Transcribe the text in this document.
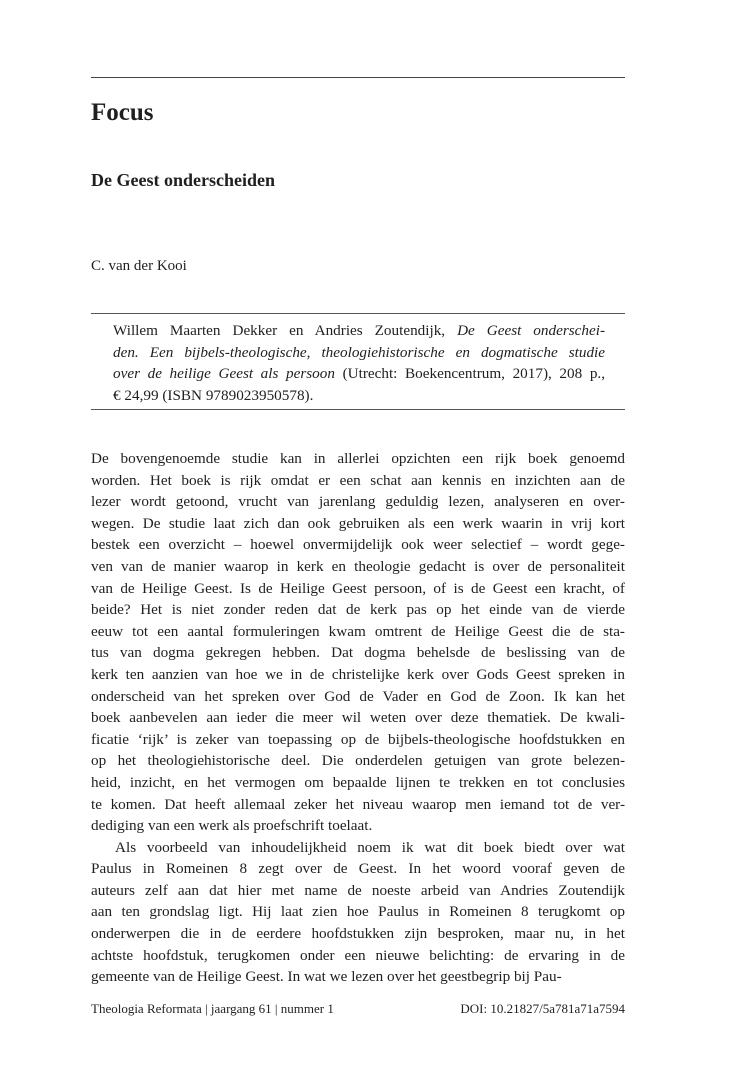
Focus
De Geest onderscheiden
C. van der Kooi

Willem Maarten Dekker en Andries Zoutendijk, De Geest onderschei-
den. Een bijbels-theologische, theologiehistorische en dogmatische studie
over de heilige Geest als persoon (Utrecht: Boekencentrum, 2017), 208 p.,
€ 24,99 (ISBN 9789023950578).

De bovengenoemde studie kan in allerlei opzichten een rijk boek genoemd
worden. Het boek is rijk omdat er een schat aan kennis en inzichten aan de
lezer wordt getoond, vrucht van jarenlang geduldig lezen, analyseren en over-
wegen. De studie laat zich dan ook gebruiken als een werk waarin in vrij kort
bestek een overzicht – hoewel onvermijdelijk ook weer selectief – wordt gege-
ven van de manier waarop in kerk en theologie gedacht is over de personaliteit
van de Heilige Geest. Is de Heilige Geest persoon, of is de Geest een kracht, of
beide? Het is niet zonder reden dat de kerk pas op het einde van de vierde
eeuw tot een aantal formuleringen kwam omtrent de Heilige Geest die de sta-
tus van dogma gekregen hebben. Dat dogma behelsde de beslissing van de
kerk ten aanzien van hoe we in de christelijke kerk over Gods Geest spreken in
onderscheid van het spreken over God de Vader en God de Zoon. Ik kan het
boek aanbevelen aan ieder die meer wil weten over deze thematiek. De kwali-
ficatie ‘rijk’ is zeker van toepassing op de bijbels-theologische hoofdstukken en
op het theologiehistorische deel. Die onderdelen getuigen van grote belezen-
heid, inzicht, en het vermogen om bepaalde lijnen te trekken en tot conclusies
te komen. Dat heeft allemaal zeker het niveau waarop men iemand tot de ver-
dediging van een werk als proefschrift toelaat.
Als voorbeeld van inhoudelijkheid noem ik wat dit boek biedt over wat
Paulus in Romeinen 8 zegt over de Geest. In het woord vooraf geven de
auteurs zelf aan dat hier met name de noeste arbeid van Andries Zoutendijk
aan ten grondslag ligt. Hij laat zien hoe Paulus in Romeinen 8 terugkomt op
onderwerpen die in de eerdere hoofdstukken zijn besproken, maar nu, in het
achtste hoofdstuk, terugkomen onder een nieuwe belichting: de ervaring in de
gemeente van de Heilige Geest. In wat we lezen over het geestbegrip bij Pau-
Theologia Reformata | jaargang 61 | nummer 1	DOI: 10.21827/5a781a71a7594
